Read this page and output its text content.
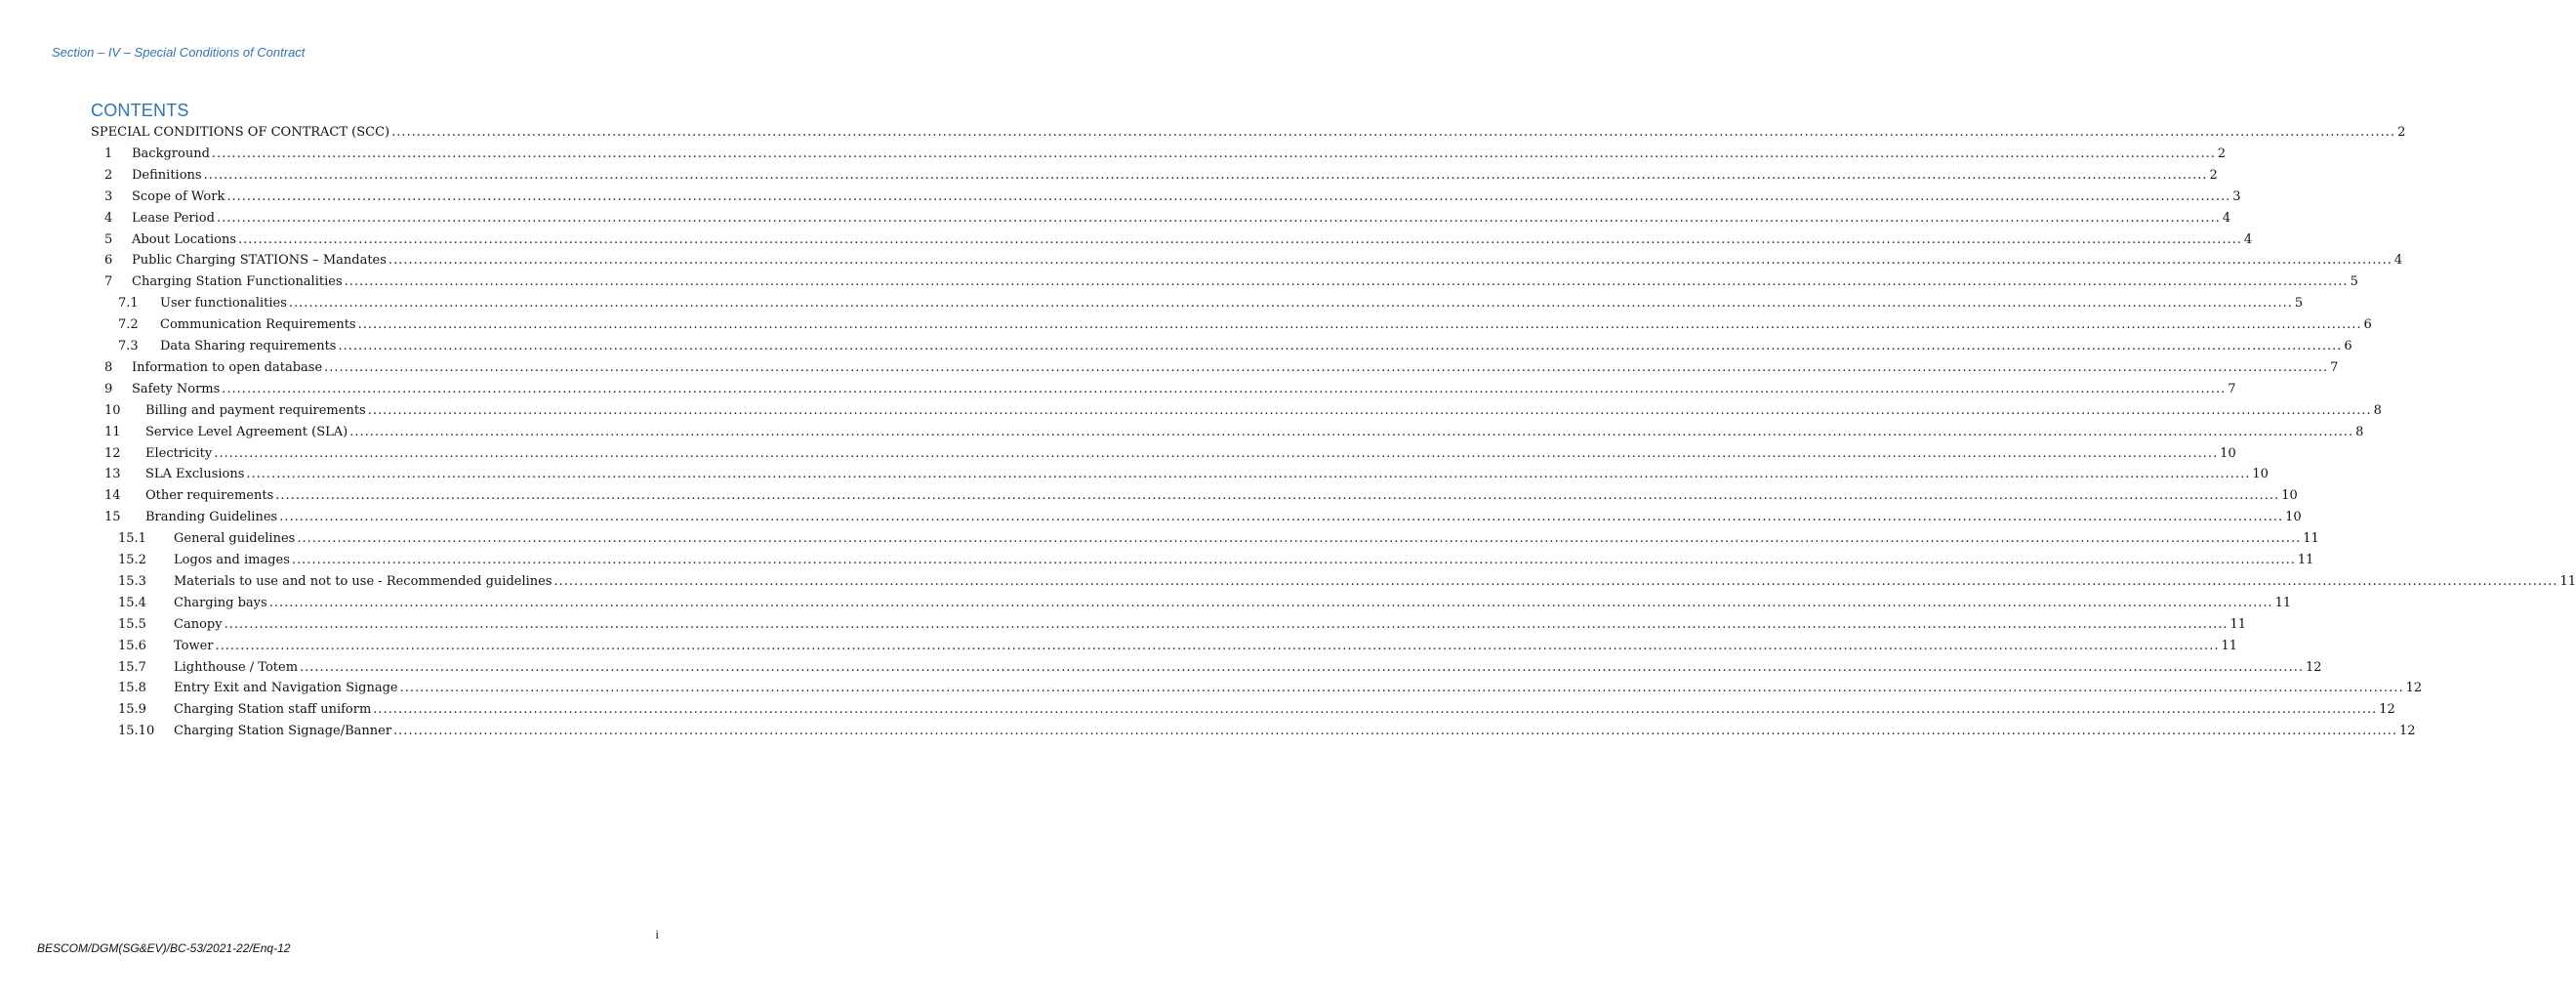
Section – IV – Special Conditions of Contract
CONTENTS
SPECIAL CONDITIONS OF CONTRACT (SCC) ................................................................................................................................................................................................................................................................................................................................................................................................................ 2
1 Background ................................................................................................................................................................................................................................................................................................................................................................................................................ 2
2 Definitions ................................................................................................................................................................................................................................................................................................................................................................................................................ 2
3 Scope of Work ................................................................................................................................................................................................................................................................................................................................................................................................................ 3
4 Lease Period ................................................................................................................................................................................................................................................................................................................................................................................................................ 4
5 About Locations ................................................................................................................................................................................................................................................................................................................................................................................................................ 4
6 Public Charging STATIONS – Mandates ................................................................................................................................................................................................................................................................................................................................................................................................................ 4
7 Charging Station Functionalities ................................................................................................................................................................................................................................................................................................................................................................................................................ 5
7.1 User functionalities ................................................................................................................................................................................................................................................................................................................................................................................................................ 5
7.2 Communication Requirements ................................................................................................................................................................................................................................................................................................................................................................................................................ 6
7.3 Data Sharing requirements ................................................................................................................................................................................................................................................................................................................................................................................................................ 6
8 Information to open database ................................................................................................................................................................................................................................................................................................................................................................................................................ 7
9 Safety Norms ................................................................................................................................................................................................................................................................................................................................................................................................................ 7
10 Billing and payment requirements ................................................................................................................................................................................................................................................................................................................................................................................................................ 8
11 Service Level Agreement (SLA) ................................................................................................................................................................................................................................................................................................................................................................................................................ 8
12 Electricity ................................................................................................................................................................................................................................................................................................................................................................................................................ 10
13 SLA Exclusions ................................................................................................................................................................................................................................................................................................................................................................................................................ 10
14 Other requirements ................................................................................................................................................................................................................................................................................................................................................................................................................ 10
15 Branding Guidelines ................................................................................................................................................................................................................................................................................................................................................................................................................ 10
15.1 General guidelines ................................................................................................................................................................................................................................................................................................................................................................................................................ 11
15.2 Logos and images ................................................................................................................................................................................................................................................................................................................................................................................................................ 11
15.3 Materials to use and not to use - Recommended guidelines ................................................................................................................................................................................................................................................................................................................................................................................................................ 11
15.4 Charging bays ................................................................................................................................................................................................................................................................................................................................................................................................................ 11
15.5 Canopy ................................................................................................................................................................................................................................................................................................................................................................................................................ 11
15.6 Tower ................................................................................................................................................................................................................................................................................................................................................................................................................ 11
15.7 Lighthouse / Totem ................................................................................................................................................................................................................................................................................................................................................................................................................ 12
15.8 Entry Exit and Navigation Signage ................................................................................................................................................................................................................................................................................................................................................................................................................ 12
15.9 Charging Station staff uniform ................................................................................................................................................................................................................................................................................................................................................................................................................ 12
15.10 Charging Station Signage/Banner ................................................................................................................................................................................................................................................................................................................................................................................................................ 12
i
BESCOM/DGM(SG&EV)/BC-53/2021-22/Enq-12
